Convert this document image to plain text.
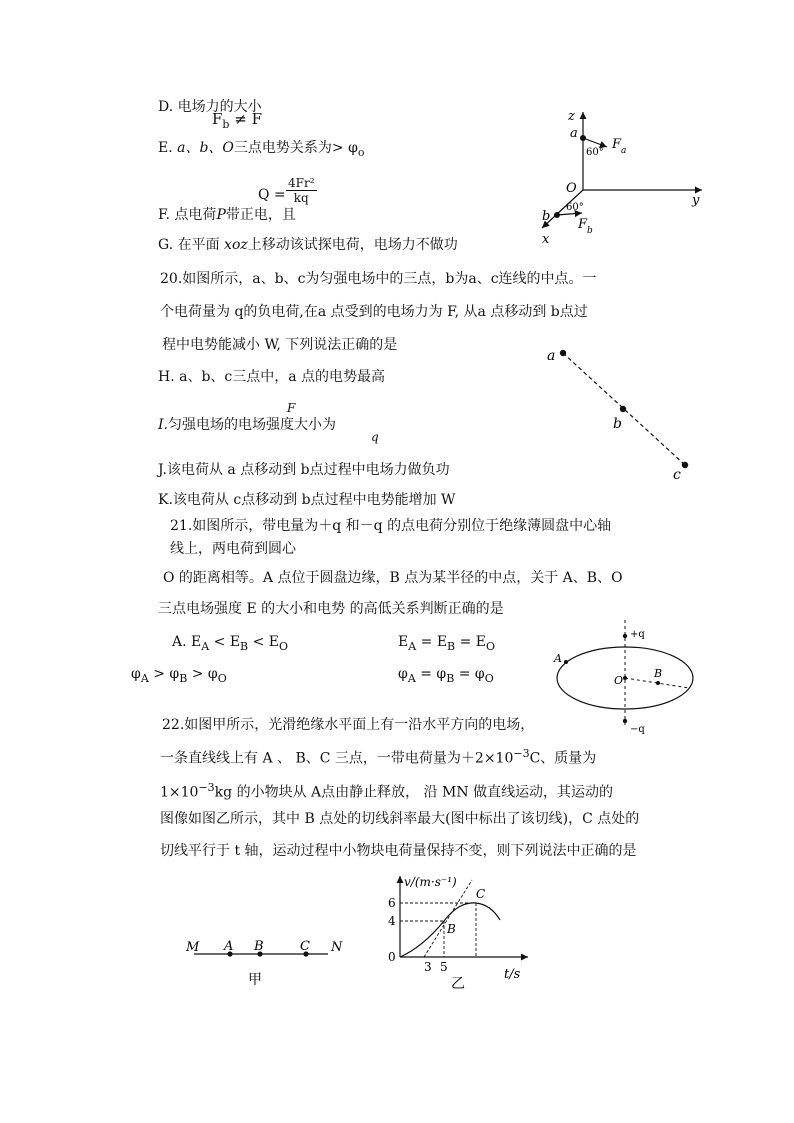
D. 电场力的大小
$F_b \ne F$
E. a、b、O三点电势关系为> $\varphi_o$
$Q = \frac{\text{4Fr²}}{kq}$
F. 点电荷P带正电，且
G. 在平面 xoz上移动该试探电荷，电场力不做功
z
y
x
O
a
b
60°
60°
F a
F b
20.如图所示，a、b、c为匀强电场中的三点，b为a、c连线的中点。一
个电荷量为 q的负电荷,在a 点受到的电场力为 F, 从a 点移动到 b点过
程中电势能减小 W, 下列说法正确的是
H. a、b、c三点中，a 点的电势最高
F
I.匀强电场的电场强度大小为
q
J.该电荷从 a 点移动到 b点过程中电场力做负功
K.该电荷从 c点移动到 b点过程中电势能增加 W
a
b
c
21.如图所示，带电量为＋q 和－q 的点电荷分别位于绝缘薄圆盘中心轴
线上，两电荷到圆心
O 的距离相等。A 点位于圆盘边缘，B 点为某半径的中点，关于 A、B、O
三点电场强度 E 的大小和电势 的高低关系判断正确的是
A. $E_A < E_B < E_O$	$E_A = E_B = E_O$
$\varphi_A > \varphi_B > \varphi_O$	$\varphi_A = \varphi_B = \varphi_O$
+q
−q
A
B
O
22.如图甲所示，光滑绝缘水平面上有一沿水平方向的电场，
一条直线线上有 A 、 B、C 三点，一带电荷量为$+2\times 10^{-3}C$、质量为
$1\times 10^{-3}kg$ 的小物块从 A点由静止释放， 沿 MN 做直线运动，其运动的
图像如图乙所示，其中 B 点处的切线斜率最大(图中标出了该切线)，C 点处的
切线平行于 t 轴，运动过程中小物块电荷量保持不变，则下列说法中正确的是
M A B	C N
甲
v/(m·s⁻¹)
t/s
6
4
0
3 5
B
C
乙
